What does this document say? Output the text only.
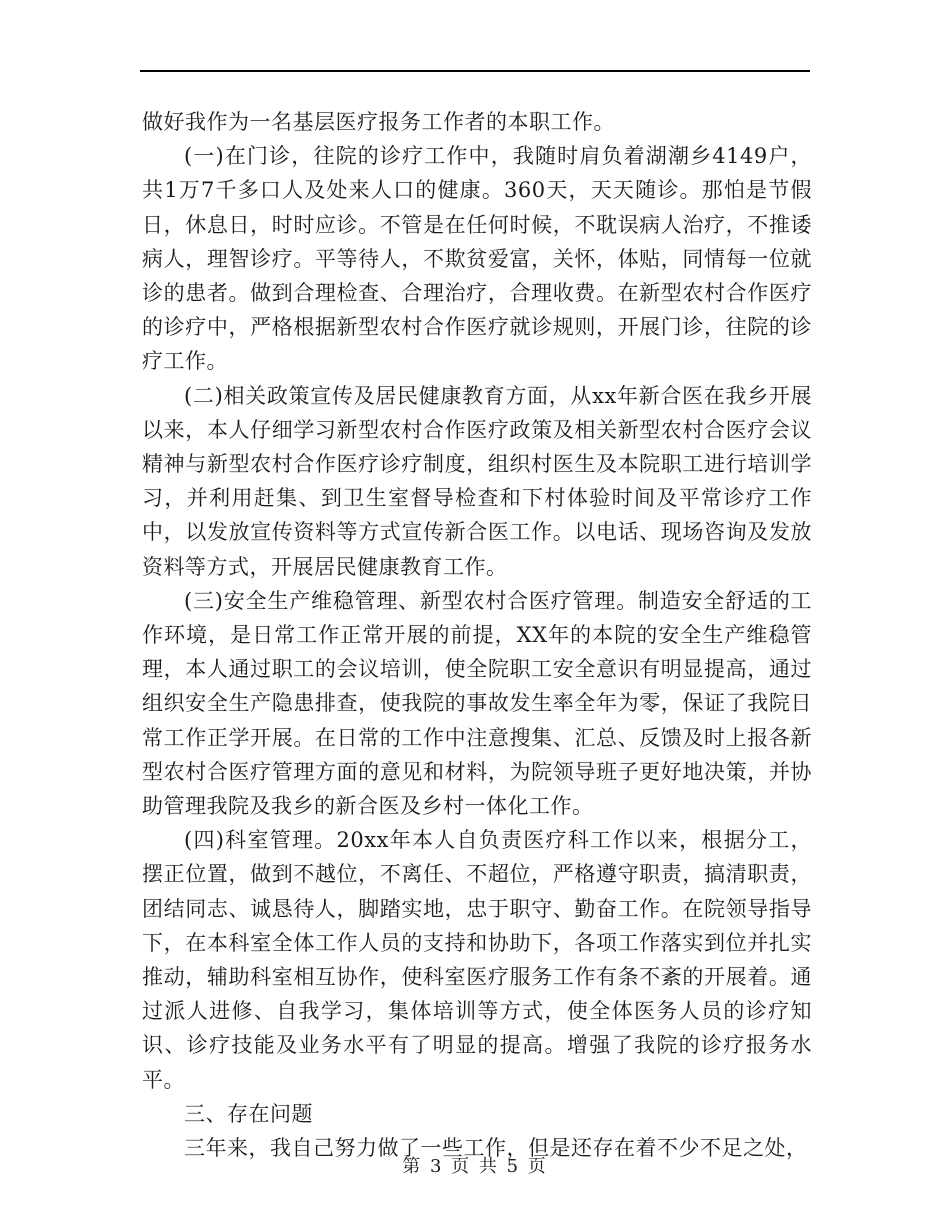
做好我作为一名基层医疗报务工作者的本职工作。

(一)在门诊，往院的诊疗工作中，我随时肩负着湖潮乡4149户，共1万7千多口人及处来人口的健康。360天，天天随诊。那怕是节假日，休息日，时时应诊。不管是在任何时候，不耽误病人治疗，不推诿病人，理智诊疗。平等待人，不欺贫爱富，关怀，体贴，同情每一位就诊的患者。做到合理检查、合理治疗，合理收费。在新型农村合作医疗的诊疗中，严格根据新型农村合作医疗就诊规则，开展门诊，往院的诊疗工作。

(二)相关政策宣传及居民健康教育方面，从xx年新合医在我乡开展以来，本人仔细学习新型农村合作医疗政策及相关新型农村合医疗会议精神与新型农村合作医疗诊疗制度，组织村医生及本院职工进行培训学习，并利用赶集、到卫生室督导检查和下村体验时间及平常诊疗工作中，以发放宣传资料等方式宣传新合医工作。以电话、现场咨询及发放资料等方式，开展居民健康教育工作。

(三)安全生产维稳管理、新型农村合医疗管理。制造安全舒适的工作环境，是日常工作正常开展的前提，XX年的本院的安全生产维稳管理，本人通过职工的会议培训，使全院职工安全意识有明显提高，通过组织安全生产隐患排查，使我院的事故发生率全年为零，保证了我院日常工作正学开展。在日常的工作中注意搜集、汇总、反馈及时上报各新型农村合医疗管理方面的意见和材料，为院领导班子更好地决策，并协助管理我院及我乡的新合医及乡村一体化工作。

(四)科室管理。20xx年本人自负责医疗科工作以来，根据分工，摆正位置，做到不越位，不离任、不超位，严格遵守职责，搞清职责，团结同志、诚恳待人，脚踏实地，忠于职守、勤奋工作。在院领导指导下，在本科室全体工作人员的支持和协助下，各项工作落实到位并扎实推动，辅助科室相互协作，使科室医疗服务工作有条不紊的开展着。通过派人进修、自我学习，集体培训等方式，使全体医务人员的诊疗知识、诊疗技能及业务水平有了明显的提高。增强了我院的诊疗报务水平。

三、存在问题

三年来，我自己努力做了一些工作，但是还存在着不少不足之处，

第 3 页 共 5 页
